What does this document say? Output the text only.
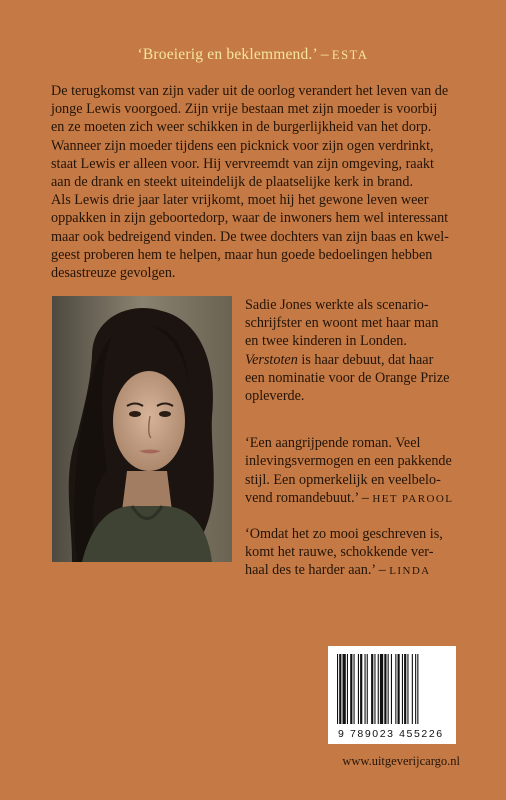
‘Broeierig en beklemmend.’ – ESTA

De terugkomst van zijn vader uit de oorlog verandert het leven van de

jonge Lewis voorgoed. Zijn vrije bestaan met zijn moeder is voorbij

en ze moeten zich weer schikken in de burgerlijkheid van het dorp.

Wanneer zijn moeder tijdens een picknick voor zijn ogen verdrinkt,

staat Lewis er alleen voor. Hij vervreemdt van zijn omgeving, raakt

aan de drank en steekt uiteindelijk de plaatselijke kerk in brand.

Als Lewis drie jaar later vrijkomt, moet hij het gewone leven weer

oppakken in zijn geboortedorp, waar de inwoners hem wel interessant

maar ook bedreigend vinden. De twee dochters van zijn baas en kwel-

geest proberen hem te helpen, maar hun goede bedoelingen hebben

desastreuze gevolgen.

Sadie Jones werkte als scenario-

schrijfster en woont met haar man

en twee kinderen in Londen.

Verstoten is haar debuut, dat haar

een nominatie voor de Orange Prize

opleverde.

‘Een aangrijpende roman. Veel

inlevingsvermogen en een pakkende

stijl. Een opmerkelijk en veelbelo-

vend romandebuut.’ – HET PAROOL

‘Omdat het zo mooi geschreven is,

komt het rauwe, schokkende ver-

haal des te harder aan.’ – LINDA

9 789023 455226
www.uitgeverijcargo.nl
